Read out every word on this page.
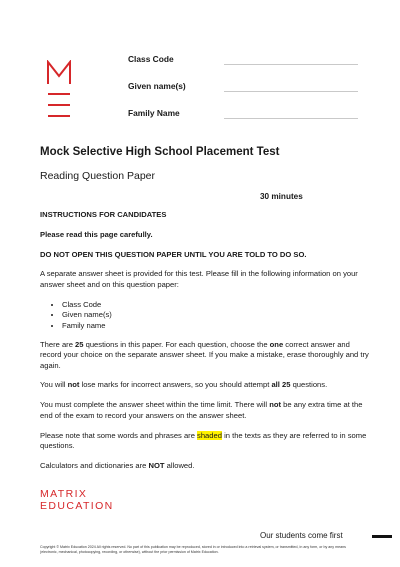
Class Code
Given name(s)
Family Name
Mock Selective High School Placement Test
Reading Question Paper
30 minutes

INSTRUCTIONS FOR CANDIDATES

Please read this page carefully.

DO NOT OPEN THIS QUESTION PAPER UNTIL YOU ARE TOLD TO DO SO.

A separate answer sheet is provided for this test. Please fill in the following information on your answer sheet and on this question paper:

• Class Code
• Given name(s)
• Family name

There are 25 questions in this paper. For each question, choose the one correct answer and record your choice on the separate answer sheet. If you make a mistake, erase thoroughly and try again.

You will not lose marks for incorrect answers, so you should attempt all 25 questions.

You must complete the answer sheet within the time limit. There will not be any extra time at the end of the exam to record your answers on the answer sheet.

Please note that some words and phrases are shaded in the texts as they are referred to in some questions.

Calculators and dictionaries are NOT allowed.

MATRIX
EDUCATION
Our students come first
Copyright © Matrix Education 2024 All rights reserved. No part of this publication may be reproduced, stored in or introduced into a retrieval system, or transmitted, in any form, or by any means (electronic, mechanical, photocopying, recording, or otherwise), without the prior permission of Matrix Education.
